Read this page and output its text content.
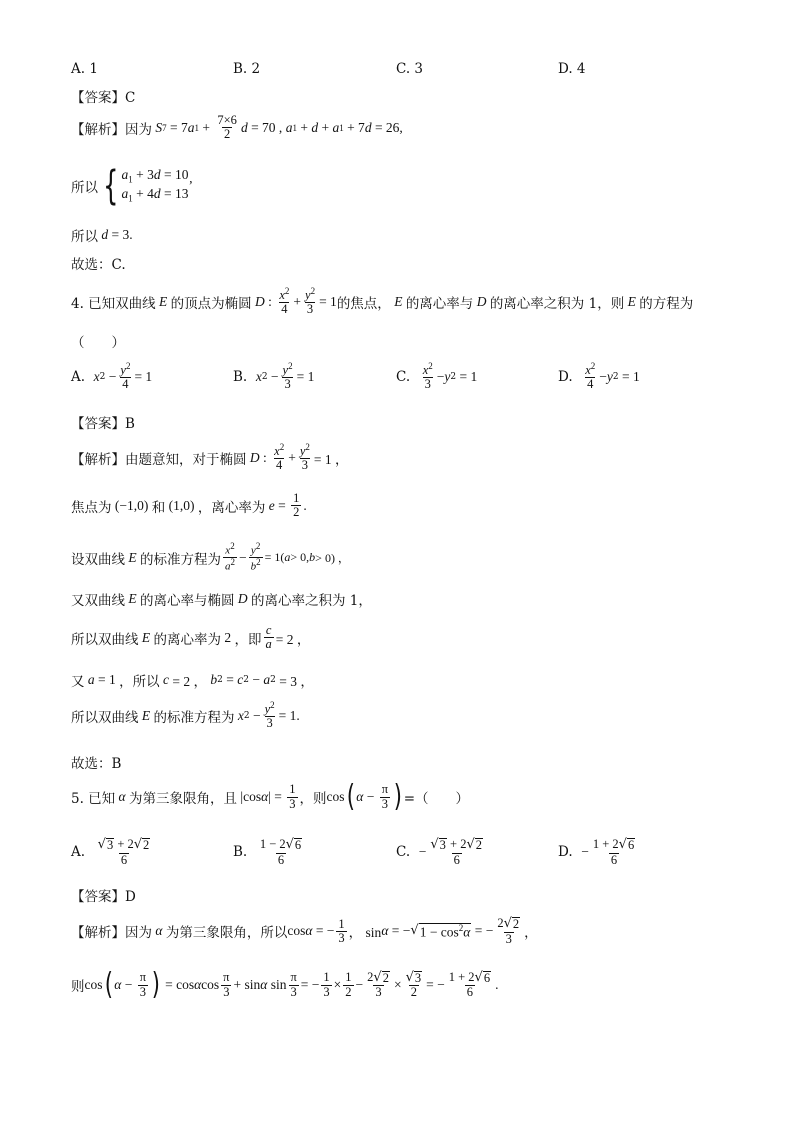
A. 1	B. 2	C. 3	D. 4
【答案】C
【解析】 因为 S 7 = 7 a $1 + \frac{7\times 6}{2}$ d = 70 , a 1 + d + a 1 + 7 d = 26,
所以 { $a_1 + 3d = 10$
$a_1 + 4d = 13$
’
所以 d = 3.
故选：C.
4. 已知双曲线 E 的顶点为椭圆 D : $\frac{x^2}{4} + \frac{y^2}{3} = 1$ 的焦点， E 的离心率与 D 的离心率之积为 1，则 E 的方程为
（　　）
A.
x $2 - \frac{y^2}{4} = 1$	B.
x $2 - \frac{y^2}{3} = 1$	C.
$\frac{x^2}{3} - y$ 2 = 1	D.
$\frac{x^2}{4} - y$ 2 = 1
【答案】B
【解析】 由题意知，对于椭圆 D : $\frac{x^2}{4} + \frac{y^2}{3} = 1$ ，
焦点为 (−1,0) 和 (1,0) ，离心率为 $e = \frac{1}{2}$ .
设双曲线 E 的标准方程为 $\frac{x^2}{a^2} - \frac{y^2}{b^2} = 1$( a > 0, b > 0) ，
又双曲线 E 的离心率与椭圆 D 的离心率之积为 1，
所以双曲线 E 的离心率为 2 ，即 $\frac{c}{a} = 2$ ，
又 a = 1 ，所以 c = 2 ， b 2 = c 2 − a 2 = 3 ，
所以双曲线 E 的标准方程为 x $2 - \frac{y^2}{3} = 1$.
故选：B
5. 已知 α 为第三象限角，且 |cos α | = $\frac{1}{3}$ ，则 cos ( $\alpha - \frac{\pi}{3}$ ) =（　　）
A.
$\frac{√ 3 + 2 √ 2}{6}$	B.
$\frac{1 - 2 √ 6}{6}$	C.
− $\frac{√ 3 + 2 √ 2}{6}$	D.
− $\frac{1 + 2 √ 6}{6}$
【答案】D
【解析】 因为 α 为第三象限角，所以 cos α = − $\frac{1}{3}$ ， sin α = − √ $1 - \cos^2\alpha$ = − $\frac{2 √ 2}{3}$ ，
则 cos ( $\alpha - \frac{\pi}{3}$ ) = cos α $\cos \frac{\pi}{3} + \sin \alpha$ $\sin \frac{\pi}{3}$ = − $\frac{1}{3} \times \frac{1}{2} - \frac{2 √ 2}{3} \times \frac{√ 3}{2}$ = − $\frac{1 + 2 √ 6}{6}$ .
